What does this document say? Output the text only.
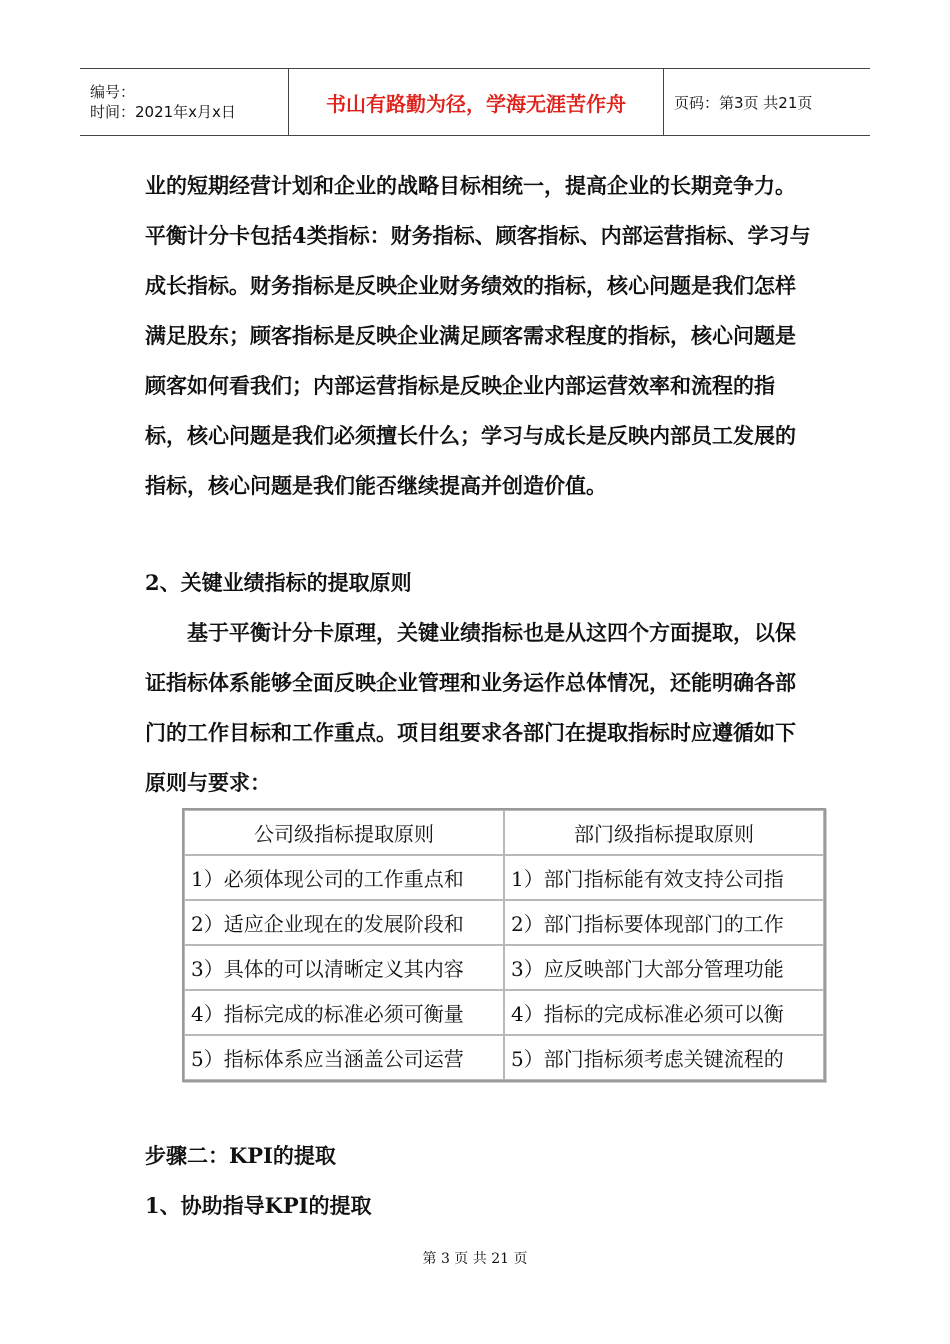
编号：
时间：2021年x月x日	书山有路勤为径，学海无涯苦作舟	页码：第3页 共21页

业的短期经营计划和企业的战略目标相统一，提高企业的长期竞争力。平衡计分卡包括4类指标：财务指标、顾客指标、内部运营指标、学习与成长指标。财务指标是反映企业财务绩效的指标，核心问题是我们怎样满足股东；顾客指标是反映企业满足顾客需求程度的指标，核心问题是顾客如何看我们；内部运营指标是反映企业内部运营效率和流程的指标，核心问题是我们必须擅长什么；学习与成长是反映内部员工发展的指标，核心问题是我们能否继续提高并创造价值。

2、关键业绩指标的提取原则

基于平衡计分卡原理，关键业绩指标也是从这四个方面提取，以保证指标体系能够全面反映企业管理和业务运作总体情况，还能明确各部门的工作目标和工作重点。项目组要求各部门在提取指标时应遵循如下原则与要求：

公司级指标提取原则	部门级指标提取原则
1）必须体现公司的工作重点和	1）部门指标能有效支持公司指
2）适应企业现在的发展阶段和	2）部门指标要体现部门的工作
3）具体的可以清晰定义其内容	3）应反映部门大部分管理功能
4）指标完成的标准必须可衡量	4）指标的完成标准必须可以衡
5）指标体系应当涵盖公司运营	5）部门指标须考虑关键流程的

步骤二：KPI的提取

1、协助指导KPI的提取

第 3 页 共 21 页
